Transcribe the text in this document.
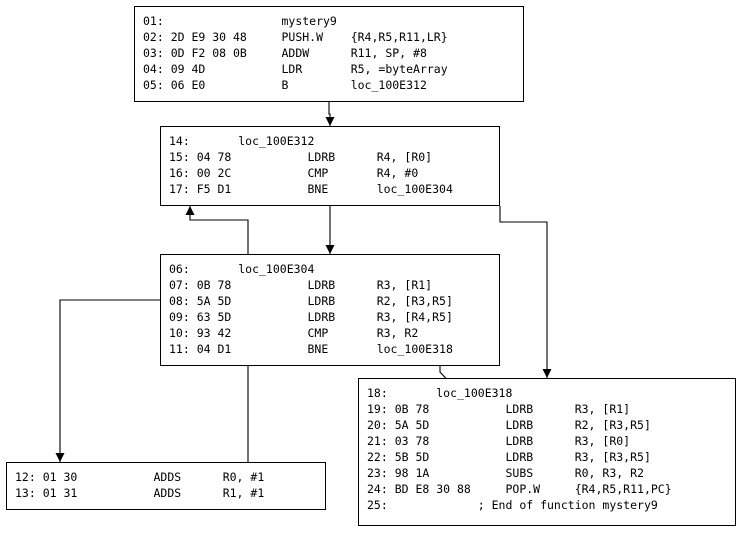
01:                 mystery9
02: 2D E9 30 48     PUSH.W    {R4,R5,R11,LR}
03: 0D F2 08 0B     ADDW      R11, SP, #8
04: 09 4D           LDR       R5, =byteArray
05: 06 E0           B         loc_100E312
14:       loc_100E312
15: 04 78           LDRB      R4, [R0]
16: 00 2C           CMP       R4, #0
17: F5 D1           BNE       loc_100E304
06:       loc_100E304
07: 0B 78           LDRB      R3, [R1]
08: 5A 5D           LDRB      R2, [R3,R5]
09: 63 5D           LDRB      R3, [R4,R5]
10: 93 42           CMP       R3, R2
11: 04 D1           BNE       loc_100E318
18:       loc_100E318
19: 0B 78           LDRB      R3, [R1]
20: 5A 5D           LDRB      R2, [R3,R5]
21: 03 78           LDRB      R3, [R0]
22: 5B 5D           LDRB      R3, [R3,R5]
23: 98 1A           SUBS      R0, R3, R2
24: BD E8 30 88     POP.W     {R4,R5,R11,PC}
25:             ; End of function mystery9
12: 01 30           ADDS      R0, #1
13: 01 31           ADDS      R1, #1
